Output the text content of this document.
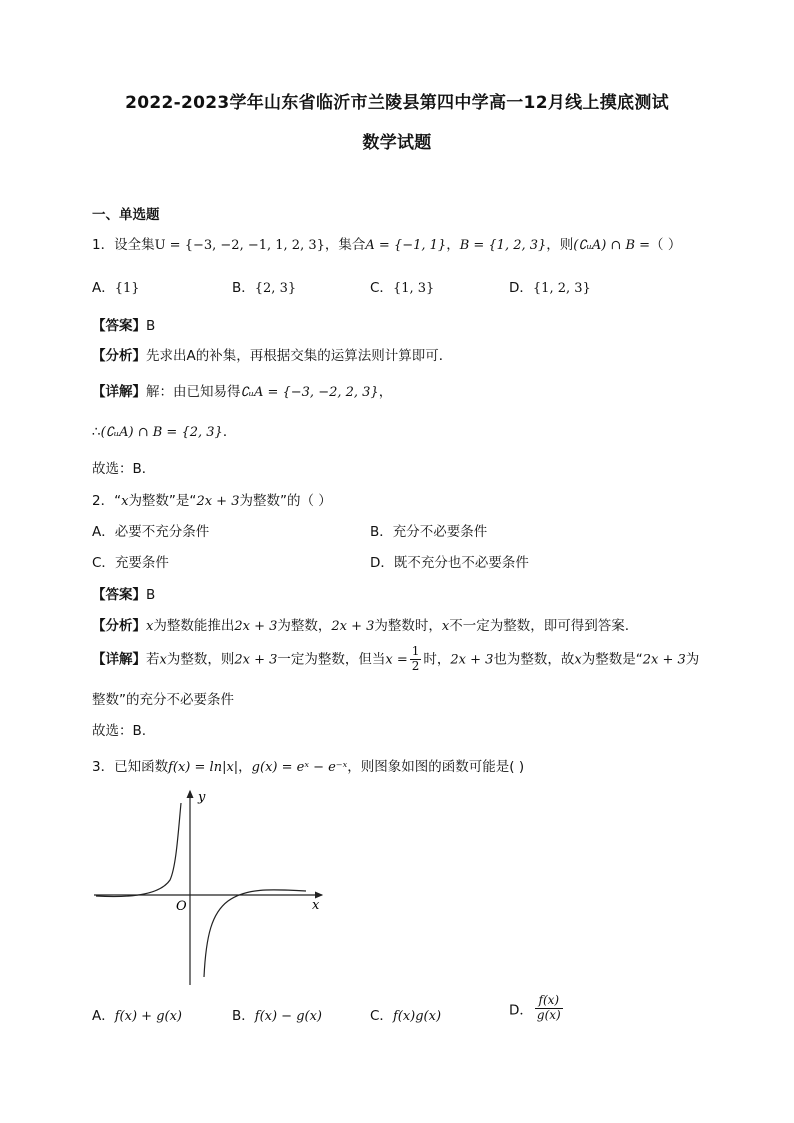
2022-2023学年山东省临沂市兰陵县第四中学高一12月线上摸底测试
数学试题
一、单选题
1．设全集U = {−3, −2, −1, 1, 2, 3}，集合A = {−1, 1}，B = {1, 2, 3}，则(∁ᵤA) ∩ B =（ ）
A．{1}	B．{2, 3}	C．{1, 3}	D．{1, 2, 3}
【答案】B
【分析】先求出A的补集，再根据交集的运算法则计算即可．
【详解】解：由已知易得∁ᵤA = {−3, −2, 2, 3}，
∴(∁ᵤA) ∩ B = {2, 3}．
故选：B．
2．“x为整数”是“2x + 3为整数”的（ ）
A．必要不充分条件	B．充分不必要条件
C．充要条件	D．既不充分也不必要条件
【答案】B
【分析】x为整数能推出2x + 3为整数，2x + 3为整数时，x不一定为整数，即可得到答案.
【详解】若x为整数，则2x + 3一定为整数，但当$x = \frac{1}{2}$ 时，2x + 3也为整数，故x为整数是“2x + 3为
整数”的充分不必要条件
故选：B.
3．已知函数f(x) = ln|x|，g(x) = eˣ − e⁻ˣ，则图象如图的函数可能是( )
x
y
O
A．f(x) + g(x)	B．f(x) − g(x)	C．f(x)g(x)	D． $\frac{f(x)}{g(x)}$
